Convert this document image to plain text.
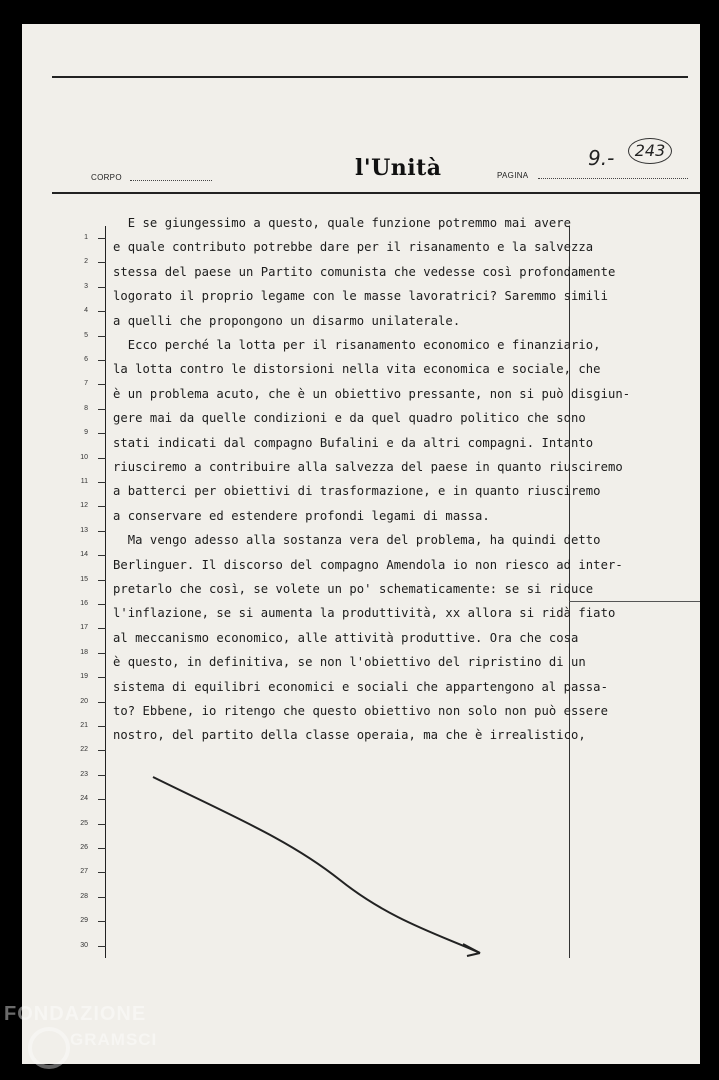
CORPO	l'Unità	PAGINA
9.-	243
1
2
3
4
5
6
7
8
9
10
11
12
13
14
15
16
17
18
19
20
21
22
23
24
25
26
27
28
29
30
E se giungessimo a questo, quale funzione potremmo mai avere
e quale contributo potrebbe dare per il risanamento e la salvezza
stessa del paese un Partito comunista che vedesse così profondamente
logorato il proprio legame con le masse lavoratrici? Saremmo simili
a quelli che propongono un disarmo unilaterale.
Ecco perché la lotta per il risanamento economico e finanziario,
la lotta contro le distorsioni nella vita economica e sociale, che
è un problema acuto, che è un obiettivo pressante, non si può disgiun-
gere mai da quelle condizioni e da quel quadro politico che sono
stati indicati dal compagno Bufalini e da altri compagni. Intanto
riusciremo a contribuire alla salvezza del paese in quanto riusciremo
a batterci per obiettivi di trasformazione, e in quanto riusciremo
a conservare ed estendere profondi legami di massa.
Ma vengo adesso alla sostanza vera del problema, ha quindi detto
Berlinguer. Il discorso del compagno Amendola io non riesco ad inter-
pretarlo che così, se volete un po' schematicamente: se si riduce
l'inflazione, se si aumenta la produttività, xx allora si ridà fiato
al meccanismo economico, alle attività produttive. Ora che cosa
è questo, in definitiva, se non l'obiettivo del ripristino di un
sistema di equilibri economici e sociali che appartengono al passa-
to? Ebbene, io ritengo che questo obiettivo non solo non può essere
nostro, del partito della classe operaia, ma che è irrealistico,
FONDAZIONE
GRAMSCI
